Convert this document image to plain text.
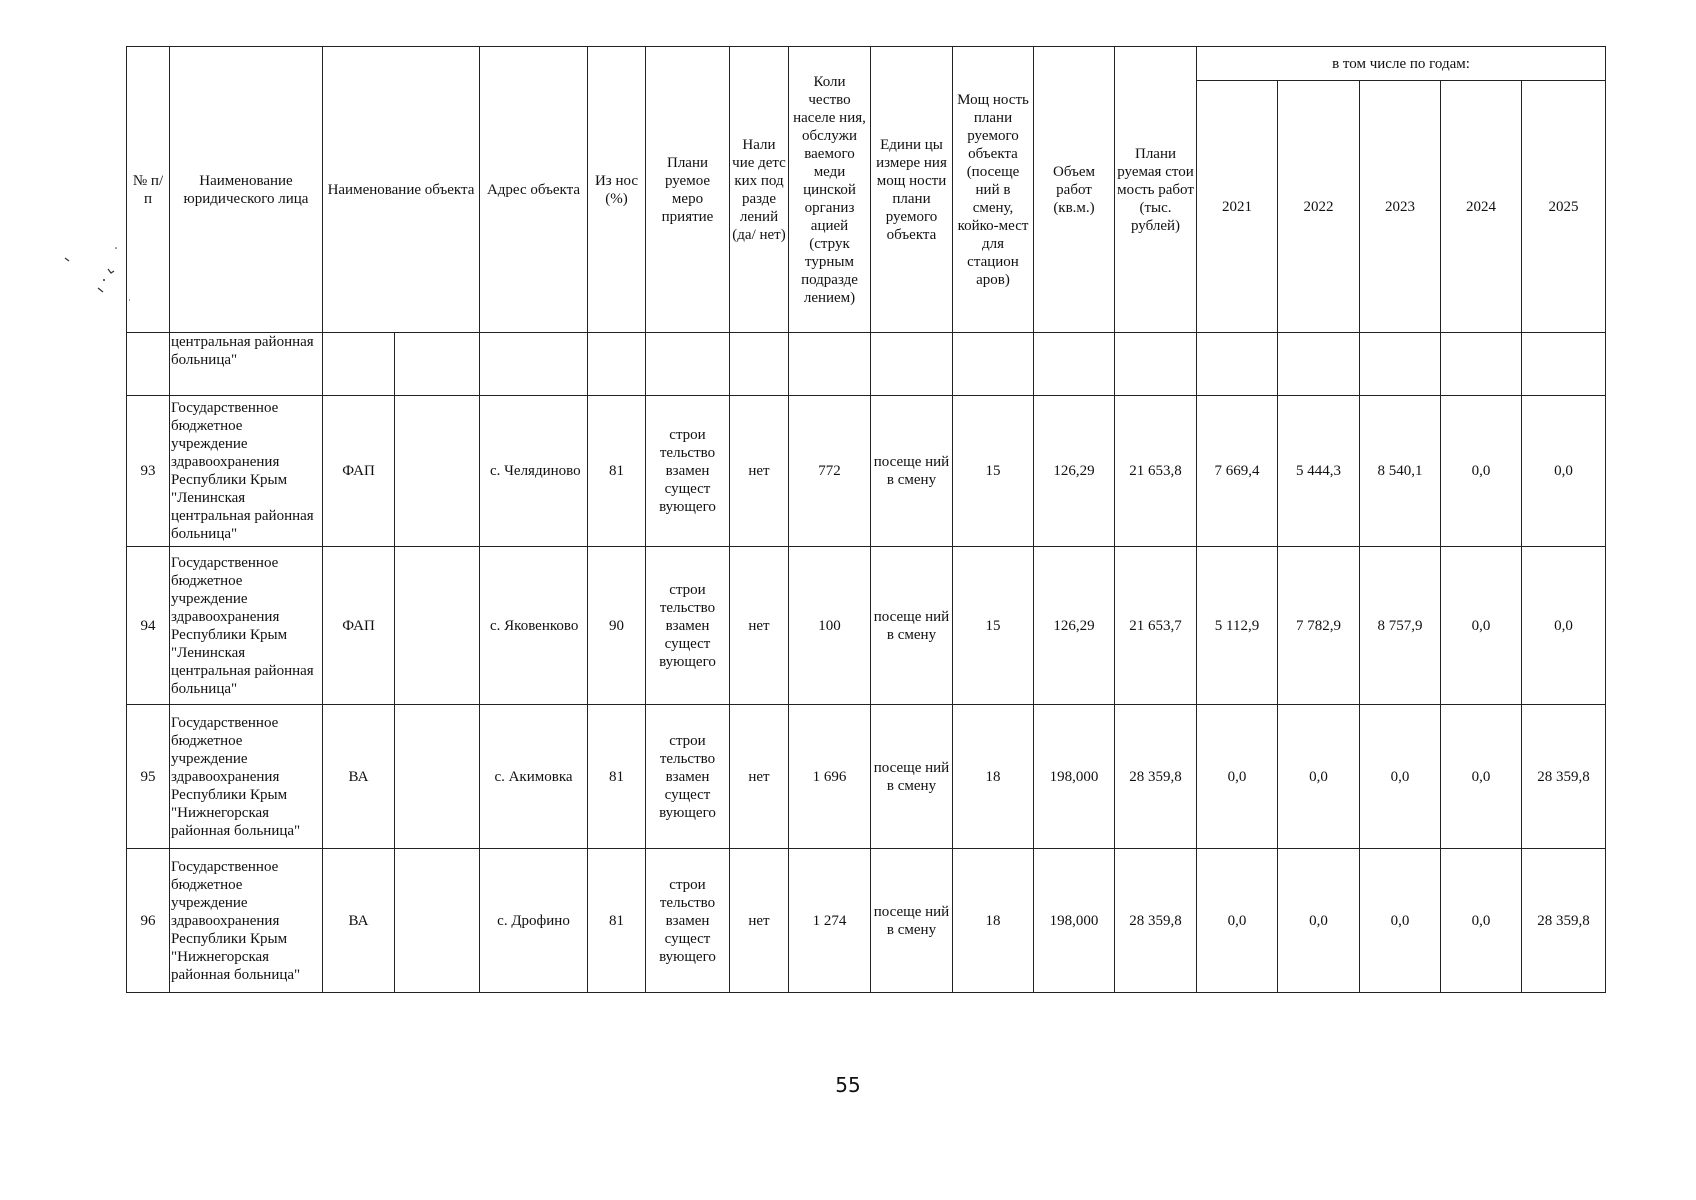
№ п/п	Наименование юридического лица	Наименование объекта		Адрес объекта	Из нос (%)	Плани руемое меро приятие	Нали чие детс ких под разде лений (да/ нет)	Коли чество населе ния, обслужи ваемого меди цинской организ ацией (струк турным подразде лением)	Едини цы измере ния мощ ности плани руемого объекта	Мощ ность плани руемого объекта (посеще ний в смену, койко-мест для стацион аров)	Объем работ (кв.м.)	Плани руемая стои мость работ (тыс. рублей)	в том числе по годам:				
													2021	2022	2023	2024	2025
	центральная районная больница"																
93	Государственное бюджетное учреждение здравоохранения Республики Крым "Ленинская центральная районная больница"	ФАП		с. Челядиново	81	строи тельство взамен сущест вующего	нет	772	посеще ний в смену	15	126,29	21 653,8	7 669,4	5 444,3	8 540,1	0,0	0,0
94	Государственное бюджетное учреждение здравоохранения Республики Крым "Ленинская центральная районная больница"	ФАП		с. Яковенково	90	строи тельство взамен сущест вующего	нет	100	посеще ний в смену	15	126,29	21 653,7	5 112,9	7 782,9	8 757,9	0,0	0,0
95	Государственное бюджетное учреждение здравоохранения Республики Крым "Нижнегорская районная больница"	ВА		с. Акимовка	81	строи тельство взамен сущест вующего	нет	1 696	посеще ний в смену	18	198,000	28 359,8	0,0	0,0	0,0	0,0	28 359,8
96	Государственное бюджетное учреждение здравоохранения Республики Крым "Нижнегорская районная больница"	ВА		с. Дрофино	81	строи тельство взамен сущест вующего	нет	1 274	посеще ний в смену	18	198,000	28 359,8	0,0	0,0	0,0	0,0	28 359,8
55
